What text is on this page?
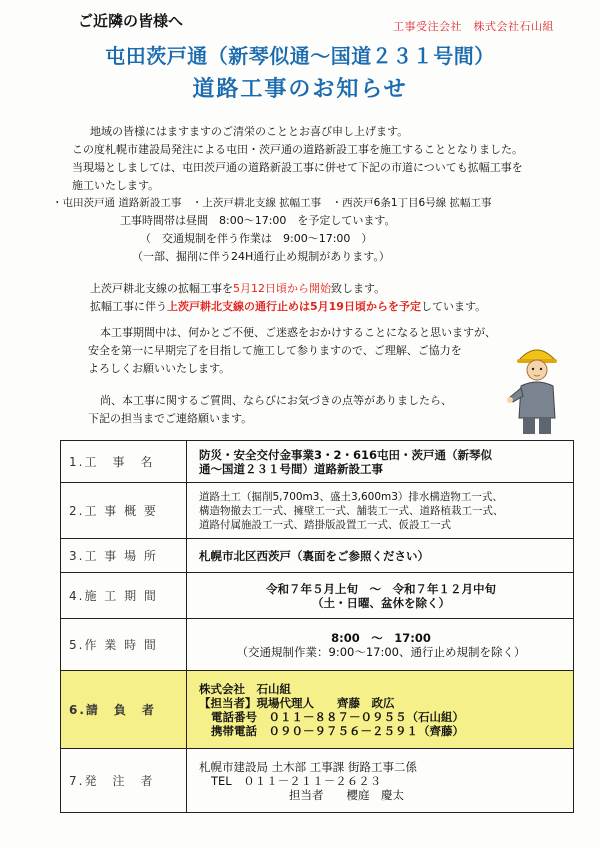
ご近隣の皆様へ	工事受注会社　株式会社石山組
屯田茨戸通（新琴似通～国道２３１号間）
道路工事のお知らせ
地域の皆様にはますますのご清栄のこととお喜び申し上げます。
この度札幌市建設局発注による屯田・茨戸通の道路新設工事を施工することとなりました。
当現場としましては、屯田茨戸通の道路新設工事に併せて下記の市道についても拡幅工事を
施工いたします。
・屯田茨戸通 道路新設工事　・上茨戸耕北支線 拡幅工事　・西茨戸6条1丁目6号線 拡幅工事
工事時間帯は昼間　8:00～17:00　を予定しています。
（　交通規制を伴う作業は　9:00～17:00　）
（一部、掘削に伴う24H通行止め規制があります。）
上茨戸耕北支線の拡幅工事を5月12日頃から開始致します。
拡幅工事に伴う上茨戸耕北支線の通行止めは5月19日頃からを予定しています。
本工事期間中は、何かとご不便、ご迷惑をおかけすることになると思いますが、
安全を第一に早期完了を目指して施工して参りますので、ご理解、ご協力を
よろしくお願いいたします。
尚、本工事に関するご質問、ならびにお気づきの点等がありましたら、
下記の担当までご連絡願います。
1.工　事　名	防災・安全交付金事業3・2・616屯田・茨戸通（新琴似
通～国道２３１号間）道路新設工事

2.工 事 概 要	道路土工（掘削5,700m3、盛土3,600m3）排水構造物工一式、
構造物撤去工一式、擁壁工一式、舗装工一式、道路植栽工一式、
道路付属施設工一式、踏掛版設置工一式、仮設工一式

3.工 事 場 所	札幌市北区西茨戸（裏面をご参照ください）
4.施 工 期 間	令和７年５月上旬　～　令和７年１２月中旬
（土・日曜、盆休を除く）

5.作 業 時 間	8:00　～　17:00
（交通規制作業：9:00～17:00、通行止め規制を除く）

6.請　負　者	株式会社　石山組
【担当者】現場代理人　　齊藤　政広
電話番号　０１１－８８７－０９５５（石山組）
携帯電話　０９０－９７５６－２５９１（齊藤）

7.発　注　者	札幌市建設局 土木部 工事課 街路工事二係
TEL　０１１－２１１－２６２３
担当者　　櫻庭　慶太
